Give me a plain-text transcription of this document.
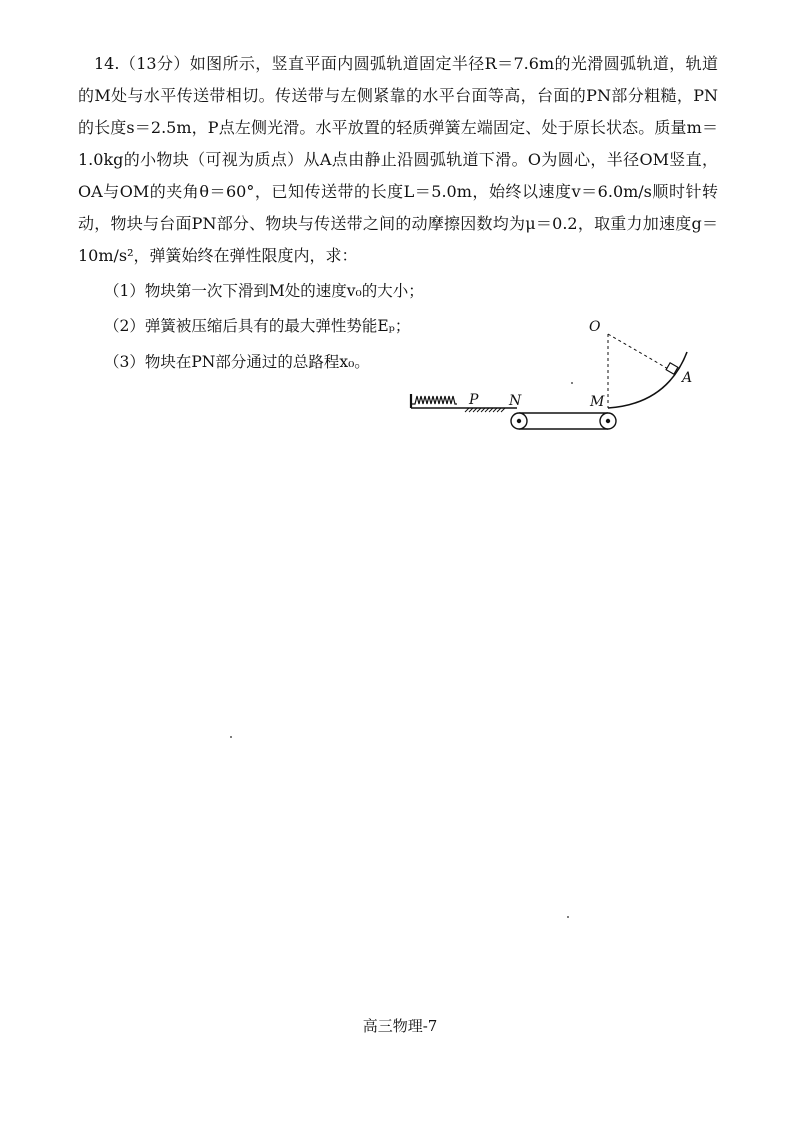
14.（13分）如图所示，竖直平面内圆弧轨道固定半径R＝7.6m的光滑圆弧轨道，轨道的M处与水平传送带相切。传送带与左侧紧靠的水平台面等高，台面的PN部分粗糙，PN的长度s＝2.5m，P点左侧光滑。水平放置的轻质弹簧左端固定、处于原长状态。质量m＝1.0kg的小物块（可视为质点）从A点由静止沿圆弧轨道下滑。O为圆心，半径OM竖直，OA与OM的夹角θ＝60°，已知传送带的长度L＝5.0m，始终以速度v＝6.0m/s顺时针转动，物块与台面PN部分、物块与传送带之间的动摩擦因数均为μ＝0.2，取重力加速度g＝10m/s²，弹簧始终在弹性限度内，求：

（1）物块第一次下滑到M处的速度v₀的大小；

（2）弹簧被压缩后具有的最大弹性势能Eₚ；

（3）物块在PN部分通过的总路程x₀。

O
A
P N	M

高三物理-7
